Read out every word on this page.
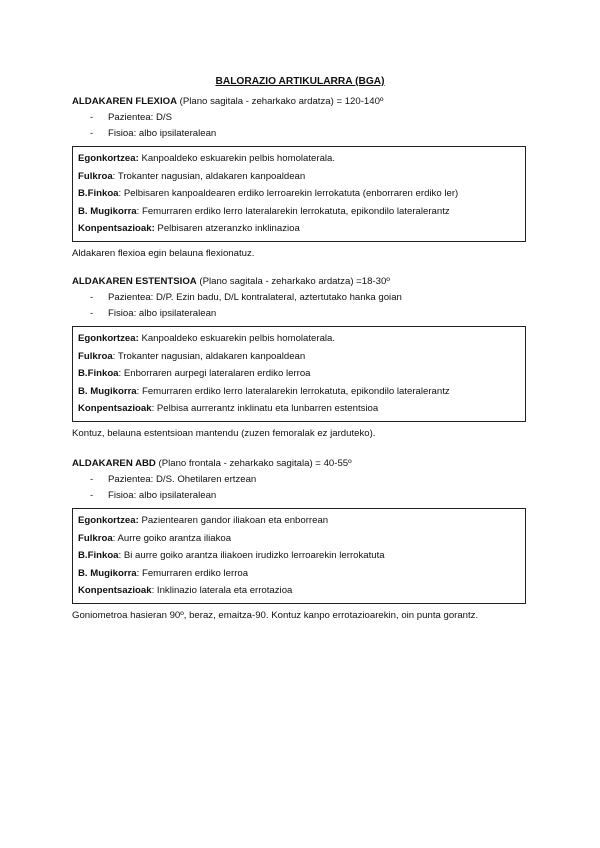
BALORAZIO ARTIKULARRA (BGA)
ALDAKAREN FLEXIOA (Plano sagitala - zeharkako ardatza) = 120-140º
- Pazientea: D/S
- Fisioa: albo ipsilateralean
Egonkortzea: Kanpoaldeko eskuarekin pelbis homolaterala.
Fulkroa: Trokanter nagusian, aldakaren kanpoaldean
B.Finkoa: Pelbisaren kanpoaldearen erdiko lerroarekin lerrokatuta (enborraren erdiko ler)
B. Mugikorra: Femurraren erdiko lerro lateralarekin lerrokatuta, epikondilo lateralerantz
Konpentsazioak: Pelbisaren atzeranzko inklinazioa
Aldakaren flexioa egin belauna flexionatuz.
ALDAKAREN ESTENTSIOA (Plano sagitala - zeharkako ardatza) =18-30º
- Pazientea: D/P. Ezin badu, D/L kontralateral, aztertutako hanka goian
- Fisioa: albo ipsilateralean
Egonkortzea: Kanpoaldeko eskuarekin pelbis homolaterala.
Fulkroa: Trokanter nagusian, aldakaren kanpoaldean
B.Finkoa: Enborraren aurpegi lateralaren erdiko lerroa
B. Mugikorra: Femurraren erdiko lerro lateralarekin lerrokatuta, epikondilo lateralerantz
Konpentsazioak: Pelbisa aurrerantz inklinatu eta lunbarren estentsioa
Kontuz, belauna estentsioan mantendu (zuzen femoralak ez jarduteko).
ALDAKAREN ABD (Plano frontala - zeharkako sagitala) = 40-55º
- Pazientea: D/S. Ohetilaren ertzean
- Fisioa: albo ipsilateralean
Egonkortzea: Pazientearen gandor iliakoan eta enborrean
Fulkroa: Aurre goiko arantza iliakoa
B.Finkoa: Bi aurre goiko arantza iliakoen irudizko lerroarekin lerrokatuta
B. Mugikorra: Femurraren erdiko lerroa
Konpentsazioak: Inklinazio laterala eta errotazioa
Goniometroa hasieran 90º, beraz, emaitza-90. Kontuz kanpo errotazioarekin, oin punta gorantz.
